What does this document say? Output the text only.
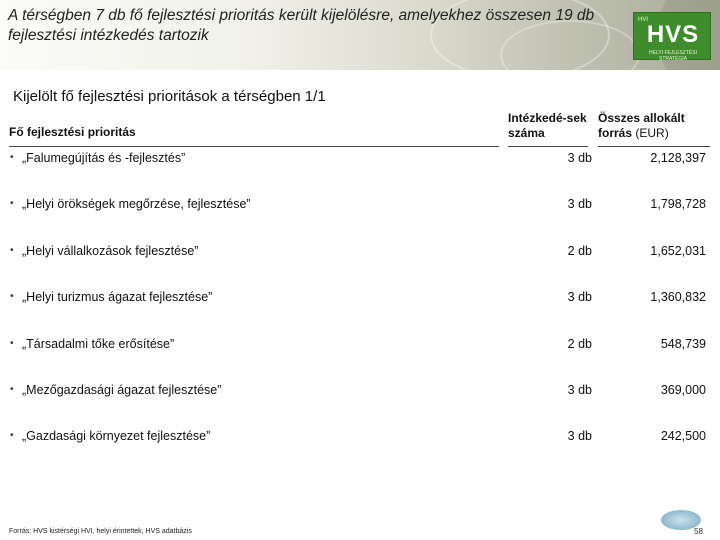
A térségben 7 db fő fejlesztési prioritás került kijelölésre, amelyekhez összesen 19 db fejlesztési intézkedés tartozik
HVI
HVS
HELYI FEJLESZTÉSI STRATÉGIA
Kijelölt fő fejlesztési prioritások a térségben 1/1
Fő fejlesztési prioritás
Intézkedé-sek száma
Összes allokált forrás (EUR)
• „Falumegújítás és -fejlesztés”	3 db	2,128,397
• „Helyi örökségek megőrzése, fejlesztése”	3 db	1,798,728
• „Helyi vállalkozások fejlesztése”	2 db	1,652,031
• „Helyi turizmus ágazat fejlesztése”	3 db	1,360,832
• „Társadalmi tőke erősítése”	2 db	548,739
• „Mezőgazdasági ágazat fejlesztése”	3 db	369,000
• „Gazdasági környezet fejlesztése”	3 db	242,500
Forrás: HVS kistérségi HVI, helyi érintettek, HVS adatbázis	58
